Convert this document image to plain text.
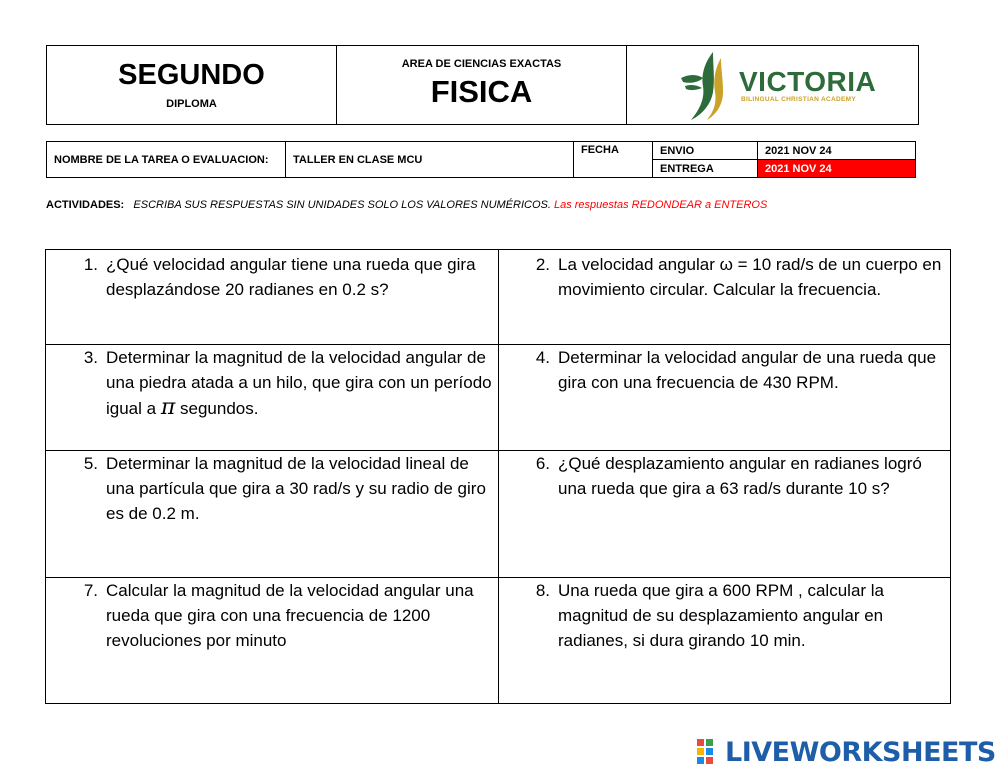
SEGUNDO
DIPLOMA
AREA DE CIENCIAS EXACTAS
FISICA	VICTORIA
BILINGUAL CHRISTIAN ACADEMY
NOMBRE DE LA TAREA O EVALUACION:	TALLER EN CLASE MCU
FECHA	ENVIO	2021 NOV 24
ENTREGA	2021 NOV 24
ACTIVIDADES: ESCRIBA SUS RESPUESTAS SIN UNIDADES SOLO LOS VALORES NUMÉRICOS. Las respuestas REDONDEAR a ENTEROS
1. ¿Qué velocidad angular tiene una rueda que gira desplazándose 20 radianes en 0.2 s?
2. La velocidad angular ω = 10 rad/s de un cuerpo en movimiento circular. Calcular la frecuencia.
3. Determinar la magnitud de la velocidad angular de una piedra atada a un hilo, que gira con un período igual a π segundos.
4. Determinar la velocidad angular de una rueda que gira con una frecuencia de 430 RPM.
5. Determinar la magnitud de la velocidad lineal de una partícula que gira a 30 rad/s y su radio de giro es de 0.2 m.
6. ¿Qué desplazamiento angular en radianes logró una rueda que gira a 63 rad/s durante 10 s?
7. Calcular la magnitud de la velocidad angular una rueda que gira con una frecuencia de 1200 revoluciones por minuto
8. Una rueda que gira a 600 RPM , calcular la magnitud de su desplazamiento angular en radianes, si dura girando 10 min.
LIVEWORKSHEETS
